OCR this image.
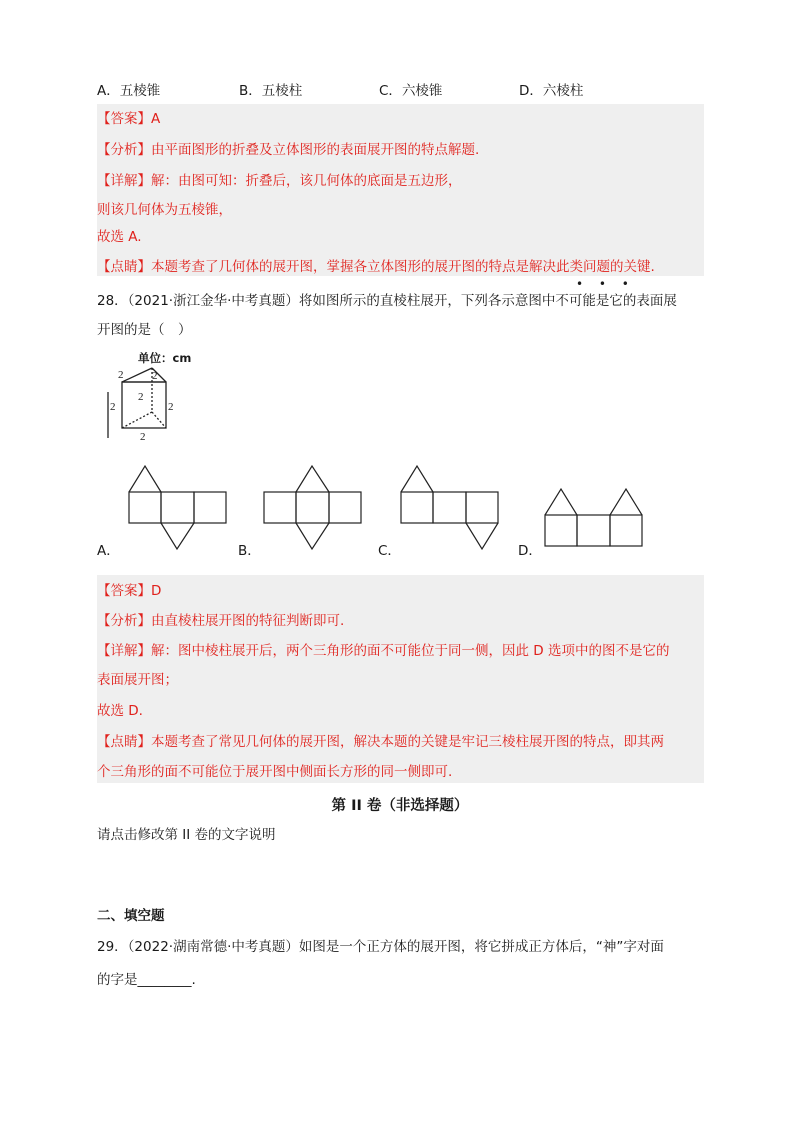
A．五棱锥	B．五棱柱	C．六棱锥	D．六棱柱
【答案】A
【分析】由平面图形的折叠及立体图形的表面展开图的特点解题.
【详解】解：由图可知：折叠后，该几何体的底面是五边形，
则该几何体为五棱锥，
故选 A.
【点睛】本题考查了几何体的展开图，掌握各立体图形的展开图的特点是解决此类问题的关键.
• • •
28．（2021·浙江金华·中考真题）将如图所示的直棱柱展开，下列各示意图中不可能是它的表面展
开图的是（　）
单位：cm
2	2
2
2	2
2
A．	B．	C．	D．
【答案】D
【分析】由直棱柱展开图的特征判断即可.
【详解】解：图中棱柱展开后，两个三角形的面不可能位于同一侧，因此 D 选项中的图不是它的
表面展开图；
故选 D.
【点睛】本题考查了常见几何体的展开图，解决本题的关键是牢记三棱柱展开图的特点，即其两
个三角形的面不可能位于展开图中侧面长方形的同一侧即可.
第 II 卷（非选择题）
请点击修改第 II 卷的文字说明
二、填空题
29．（2022·湖南常德·中考真题）如图是一个正方体的展开图，将它拼成正方体后，“神”字对面
的字是________.
